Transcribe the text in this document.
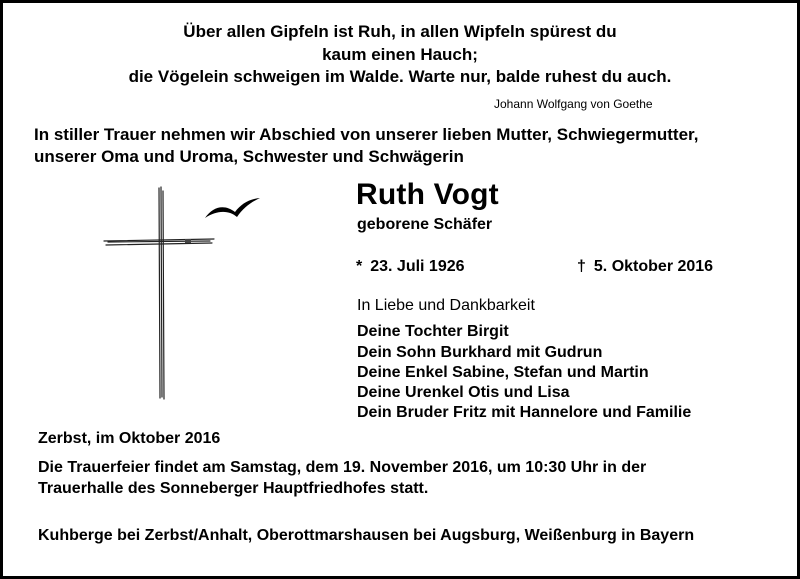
Über allen Gipfeln ist Ruh, in allen Wipfeln spürest du
kaum einen Hauch;
die Vögelein schweigen im Walde. Warte nur, balde ruhest du auch.
Johann Wolfgang von Goethe
In stiller Trauer nehmen wir Abschied von unserer lieben Mutter, Schwiegermutter,
unserer Oma und Uroma, Schwester und Schwägerin
Ruth Vogt
geborene Schäfer
* 23. Juli 1926	† 5. Oktober 2016
In Liebe und Dankbarkeit
Deine Tochter Birgit
Dein Sohn Burkhard mit Gudrun
Deine Enkel Sabine, Stefan und Martin
Deine Urenkel Otis und Lisa
Dein Bruder Fritz mit Hannelore und Familie
Zerbst, im Oktober 2016
Die Trauerfeier findet am Samstag, dem 19. November 2016, um 10:30 Uhr in der
Trauerhalle des Sonneberger Hauptfriedhofes statt.
Kuhberge bei Zerbst/Anhalt, Oberottmarshausen bei Augsburg, Weißenburg in Bayern
